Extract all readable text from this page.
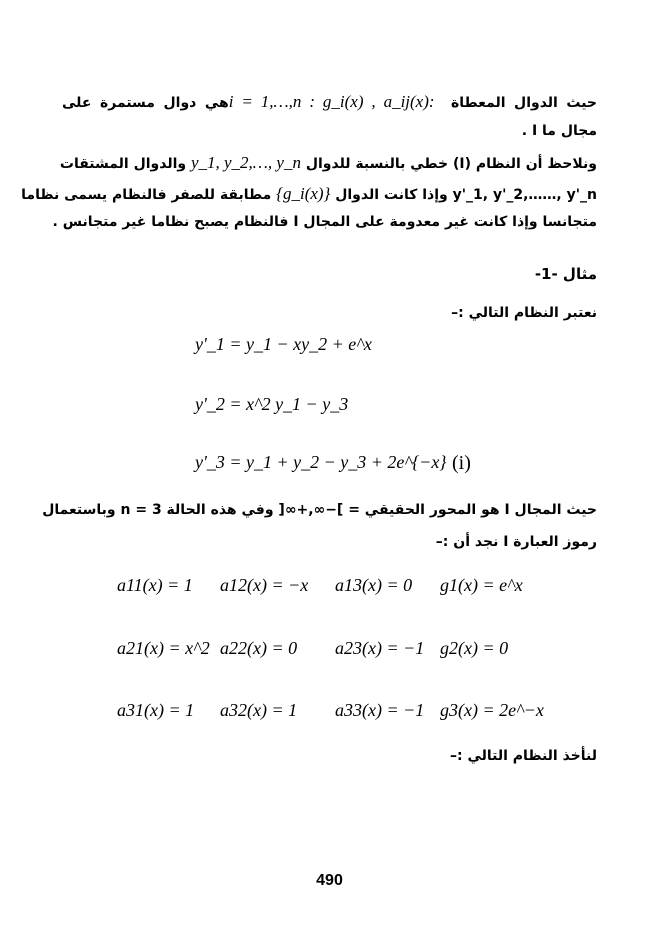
حيث الدوال المعطاة i = 1,…,n : g_i(x) , a_ij(x): هي دوال مستمرة على
مجال ما I .
ونلاحظ أن النظام (I) خطي بالنسبة للدوال y_1, y_2,…, y_n والدوال المشتقات
y'_1, y'_2,……, y'_n وإذا كانت الدوال {g_i(x)} مطابقة للصفر فالنظام يسمى نظاما
متجانسا وإذا كانت غير معدومة على المجال I فالنظام يصبح نظاما غير متجانس .
مثال -1-
نعتبر النظام التالي :–
y'_1 = y_1 − xy_2 + e^x
y'_2 = x^2 y_1 − y_3
y'_3 = y_1 + y_2 − y_3 + 2e^{−x} (i)
حيث المجال I هو المحور الحقيقي = ]−∞,+∞[ وفي هذه الحالة n = 3 وباستعمال
رموز العبارة I نجد أن :–
a11(x) = 1 a12(x) = −x a13(x) = 0 g1(x) = e^x
a21(x) = x^2 a22(x) = 0 a23(x) = −1 g2(x) = 0
a31(x) = 1 a32(x) = 1 a33(x) = −1 g3(x) = 2e^−x
لنأخذ النظام التالي :–
490
